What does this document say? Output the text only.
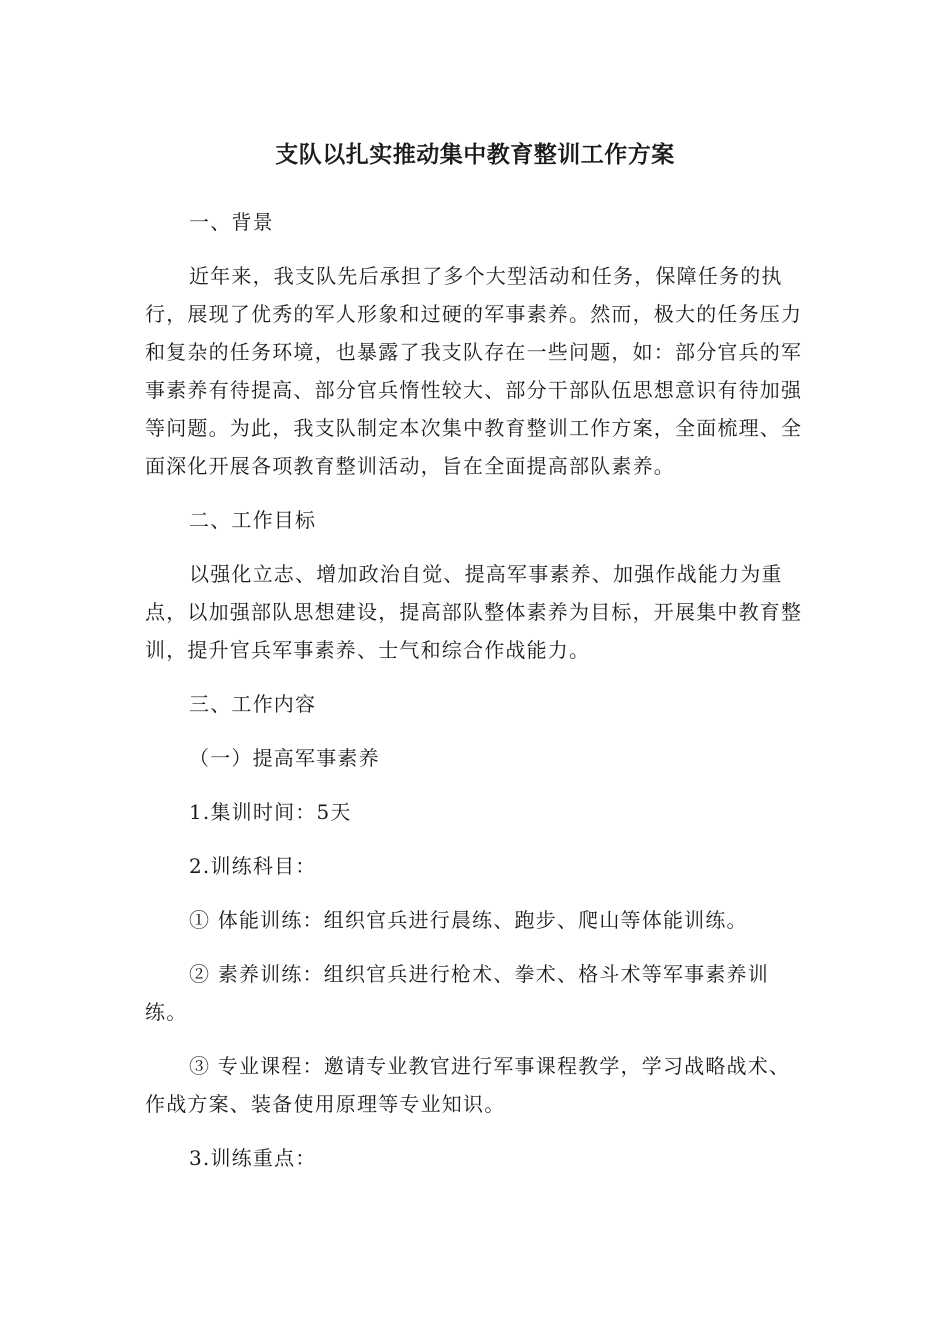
支队以扎实推动集中教育整训工作方案

一、背景

近年来，我支队先后承担了多个大型活动和任务，保障任务的执行，展现了优秀的军人形象和过硬的军事素养。然而，极大的任务压力和复杂的任务环境，也暴露了我支队存在一些问题，如：部分官兵的军事素养有待提高、部分官兵惰性较大、部分干部队伍思想意识有待加强等问题。为此，我支队制定本次集中教育整训工作方案，全面梳理、全面深化开展各项教育整训活动，旨在全面提高部队素养。

二、工作目标

以强化立志、增加政治自觉、提高军事素养、加强作战能力为重点，以加强部队思想建设，提高部队整体素养为目标，开展集中教育整训，提升官兵军事素养、士气和综合作战能力。

三、工作内容

（一）提高军事素养

1.集训时间：5天

2.训练科目：

① 体能训练：组织官兵进行晨练、跑步、爬山等体能训练。

② 素养训练：组织官兵进行枪术、拳术、格斗术等军事素养训练。

③ 专业课程：邀请专业教官进行军事课程教学，学习战略战术、作战方案、装备使用原理等专业知识。

3.训练重点：
